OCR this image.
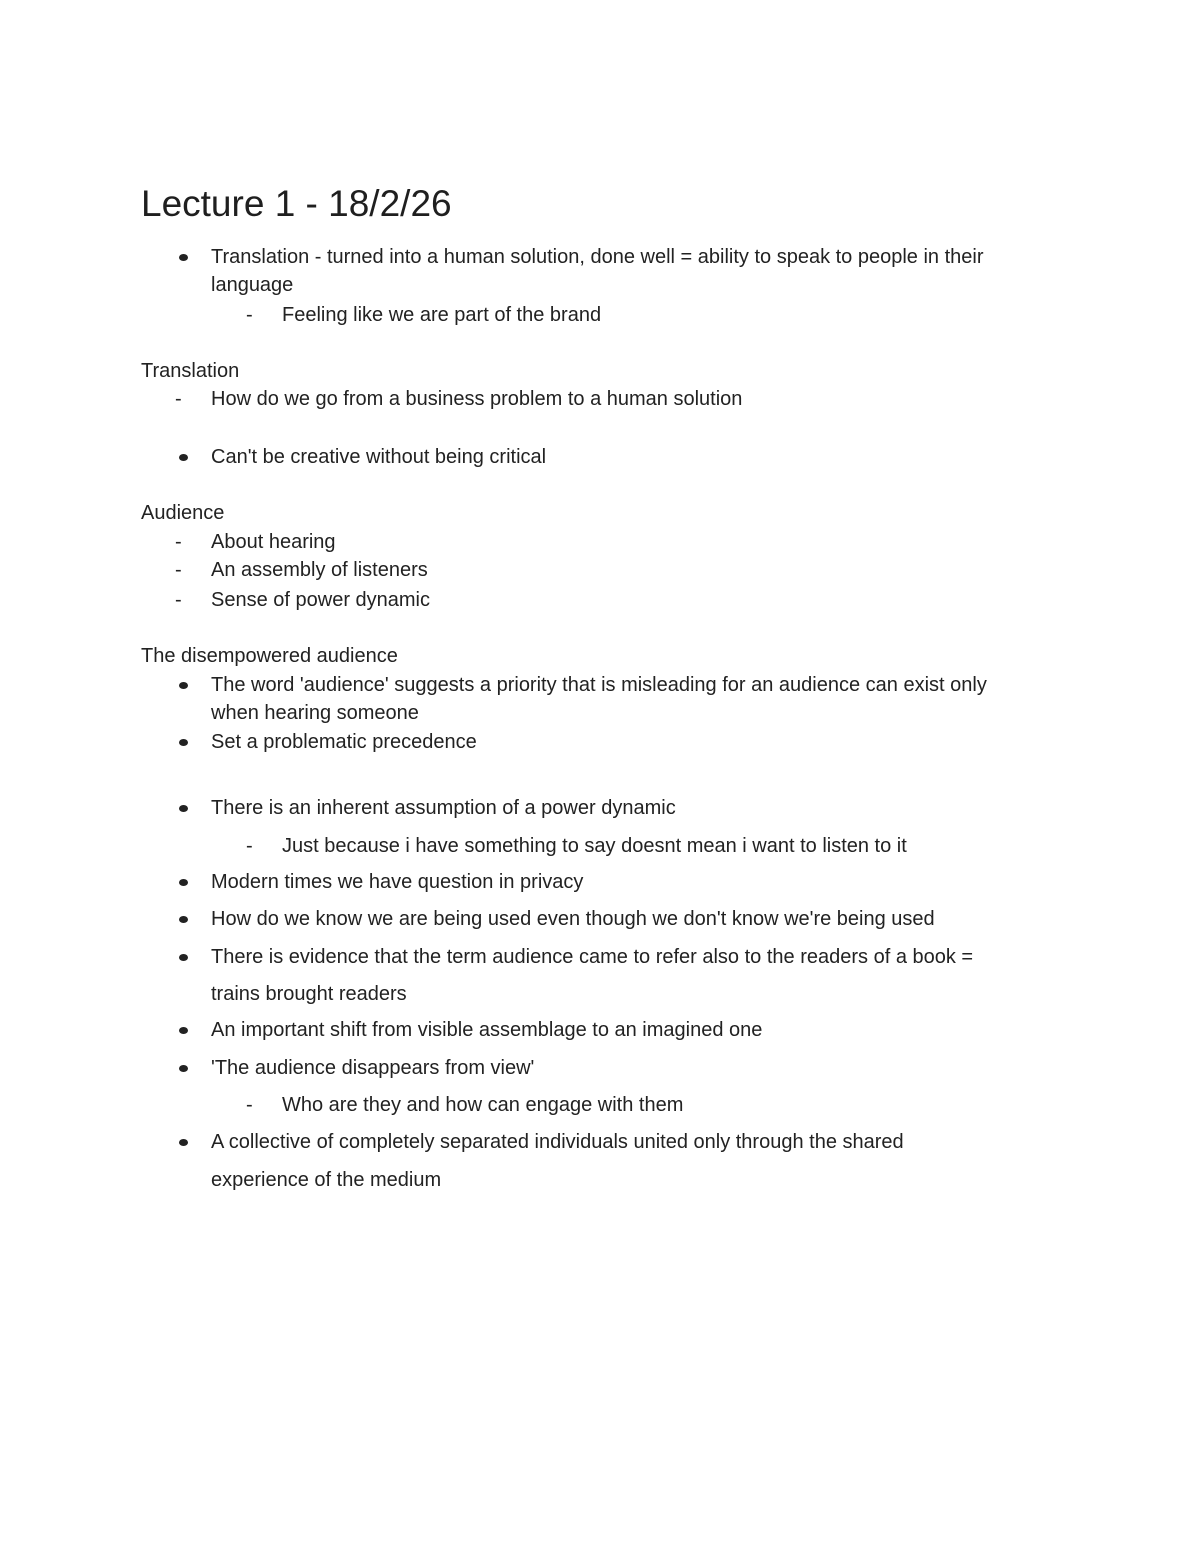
Lecture 1 - 18/2/26
Translation - turned into a human solution, done well = ability to speak to people in their
language
- Feeling like we are part of the brand
Translation
- How do we go from a business problem to a human solution
Can't be creative without being critical
Audience
- About hearing
- An assembly of listeners
- Sense of power dynamic
The disempowered audience
The word 'audience' suggests a priority that is misleading for an audience can exist only
when hearing someone
Set a problematic precedence
There is an inherent assumption of a power dynamic
- Just because i have something to say doesnt mean i want to listen to it
Modern times we have question in privacy
How do we know we are being used even though we don't know we're being used
There is evidence that the term audience came to refer also to the readers of a book =
trains brought readers
An important shift from visible assemblage to an imagined one
'The audience disappears from view'
- Who are they and how can engage with them
A collective of completely separated individuals united only through the shared
experience of the medium
